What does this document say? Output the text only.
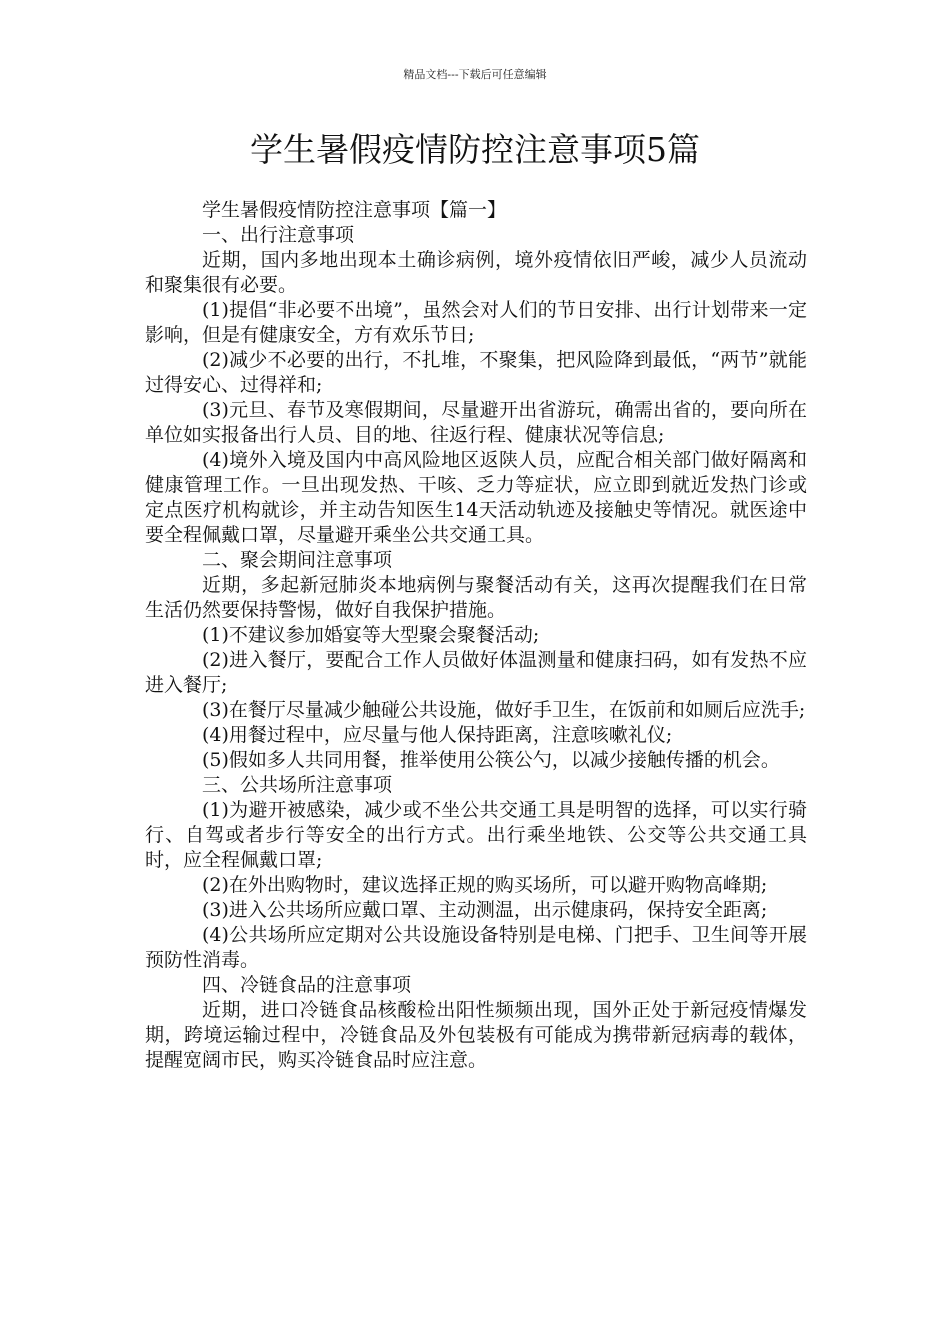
精品文档---下载后可任意编辑
学生暑假疫情防控注意事项5篇

学生暑假疫情防控注意事项【篇一】

一、出行注意事项

近期，国内多地出现本土确诊病例，境外疫情依旧严峻，减少人员流动和聚集很有必要。

(1)提倡“非必要不出境”，虽然会对人们的节日安排、出行计划带来一定影响，但是有健康安全，方有欢乐节日;

(2)减少不必要的出行，不扎堆，不聚集，把风险降到最低，“两节”就能过得安心、过得祥和;

(3)元旦、春节及寒假期间，尽量避开出省游玩，确需出省的，要向所在单位如实报备出行人员、目的地、往返行程、健康状况等信息;

(4)境外入境及国内中高风险地区返陕人员，应配合相关部门做好隔离和健康管理工作。一旦出现发热、干咳、乏力等症状，应立即到就近发热门诊或定点医疗机构就诊，并主动告知医生14天活动轨迹及接触史等情况。就医途中要全程佩戴口罩，尽量避开乘坐公共交通工具。

二、聚会期间注意事项

近期，多起新冠肺炎本地病例与聚餐活动有关，这再次提醒我们在日常生活仍然要保持警惕，做好自我保护措施。

(1)不建议参加婚宴等大型聚会聚餐活动;

(2)进入餐厅，要配合工作人员做好体温测量和健康扫码，如有发热不应进入餐厅;

(3)在餐厅尽量减少触碰公共设施，做好手卫生，在饭前和如厕后应洗手;

(4)用餐过程中，应尽量与他人保持距离，注意咳嗽礼仪;

(5)假如多人共同用餐，推举使用公筷公勺，以减少接触传播的机会。

三、公共场所注意事项

(1)为避开被感染，减少或不坐公共交通工具是明智的选择，可以实行骑行、自驾或者步行等安全的出行方式。出行乘坐地铁、公交等公共交通工具时，应全程佩戴口罩;

(2)在外出购物时，建议选择正规的购买场所，可以避开购物高峰期;

(3)进入公共场所应戴口罩、主动测温，出示健康码，保持安全距离;

(4)公共场所应定期对公共设施设备特别是电梯、门把手、卫生间等开展预防性消毒。

四、冷链食品的注意事项

近期，进口冷链食品核酸检出阳性频频出现，国外正处于新冠疫情爆发期，跨境运输过程中，冷链食品及外包装极有可能成为携带新冠病毒的载体，提醒宽阔市民，购买冷链食品时应注意。
